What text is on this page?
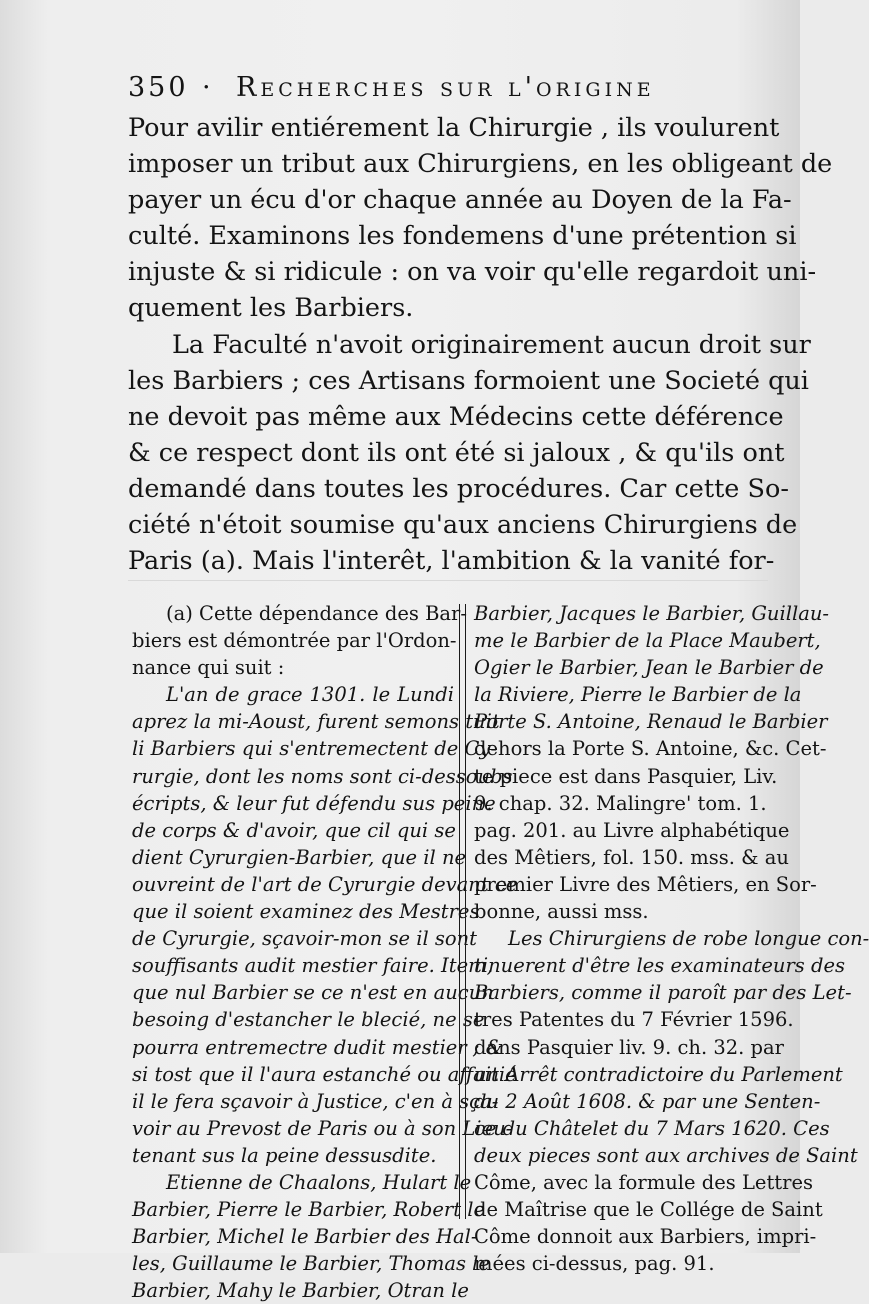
350 · Recherches sur l'origine
Pour avilir entiérement la Chirurgie , ils voulurent
imposer un tribut aux Chirurgiens, en les obligeant de
payer un écu d'or chaque année au Doyen de la Fa-
culté. Examinons les fondemens d'une prétention si
injuste & si ridicule : on va voir qu'elle regardoit uni-
quement les Barbiers.
La Faculté n'avoit originairement aucun droit sur
les Barbiers ; ces Artisans formoient une Societé qui
ne devoit pas même aux Médecins cette déférence
& ce respect dont ils ont été si jaloux , & qu'ils ont
demandé dans toutes les procédures. Car cette So-
ciété n'étoit soumise qu'aux anciens Chirurgiens de
Paris (a). Mais l'interêt, l'ambition & la vanité for-
(a) Cette dépendance des Bar-
biers est démontrée par l'Ordon-
nance qui suit :
L'an de grace 1301. le Lundi
aprez la mi-Aoust, furent semons tuit
li Barbiers qui s'entremectent de Cy-
rurgie, dont les noms sont ci-dessoubs
écripts, & leur fut défendu sus peine
de corps & d'avoir, que cil qui se
dient Cyrurgien-Barbier, que il ne
ouvreint de l'art de Cyrurgie devant ce
que il soient examinez des Mestres
de Cyrurgie, sçavoir-mon se il sont
souffisants audit mestier faire. Item,
que nul Barbier se ce n'est en aucun
besoing d'estancher le blecié, ne se
pourra entremectre dudit mestier ; &
si tost que il l'aura estanché ou affaitié
il le fera sçavoir à Justice, c'en à sça-
voir au Prevost de Paris ou à son Lieu-
tenant sus la peine dessusdite.
Etienne de Chaalons, Hulart le
Barbier, Pierre le Barbier, Robert le
Barbier, Michel le Barbier des Hal-
les, Guillaume le Barbier, Thomas le
Barbier, Mahy le Barbier, Otran le
Barbier, Jacques le Barbier, Guillau-
me le Barbier de la Place Maubert,
Ogier le Barbier, Jean le Barbier de
la Riviere, Pierre le Barbier de la
Porte S. Antoine, Renaud le Barbier
dehors la Porte S. Antoine, &c. Cet-
te piece est dans Pasquier, Liv.
9. chap. 32. Malingre' tom. 1.
pag. 201. au Livre alphabétique
des Mêtiers, fol. 150. mss. & au
premier Livre des Mêtiers, en Sor-
bonne, aussi mss.
Les Chirurgiens de robe longue con-
tinuerent d'être les examinateurs des
Barbiers, comme il paroît par des Let-
tres Patentes du 7 Février 1596.
dans Pasquier liv. 9. ch. 32. par
un Arrêt contradictoire du Parlement
du 2 Août 1608. & par une Senten-
ce du Châtelet du 7 Mars 1620. Ces
deux pieces sont aux archives de Saint
Côme, avec la formule des Lettres
de Maîtrise que le Collége de Saint
Côme donnoit aux Barbiers, impri-
mées ci-dessus, pag. 91.
